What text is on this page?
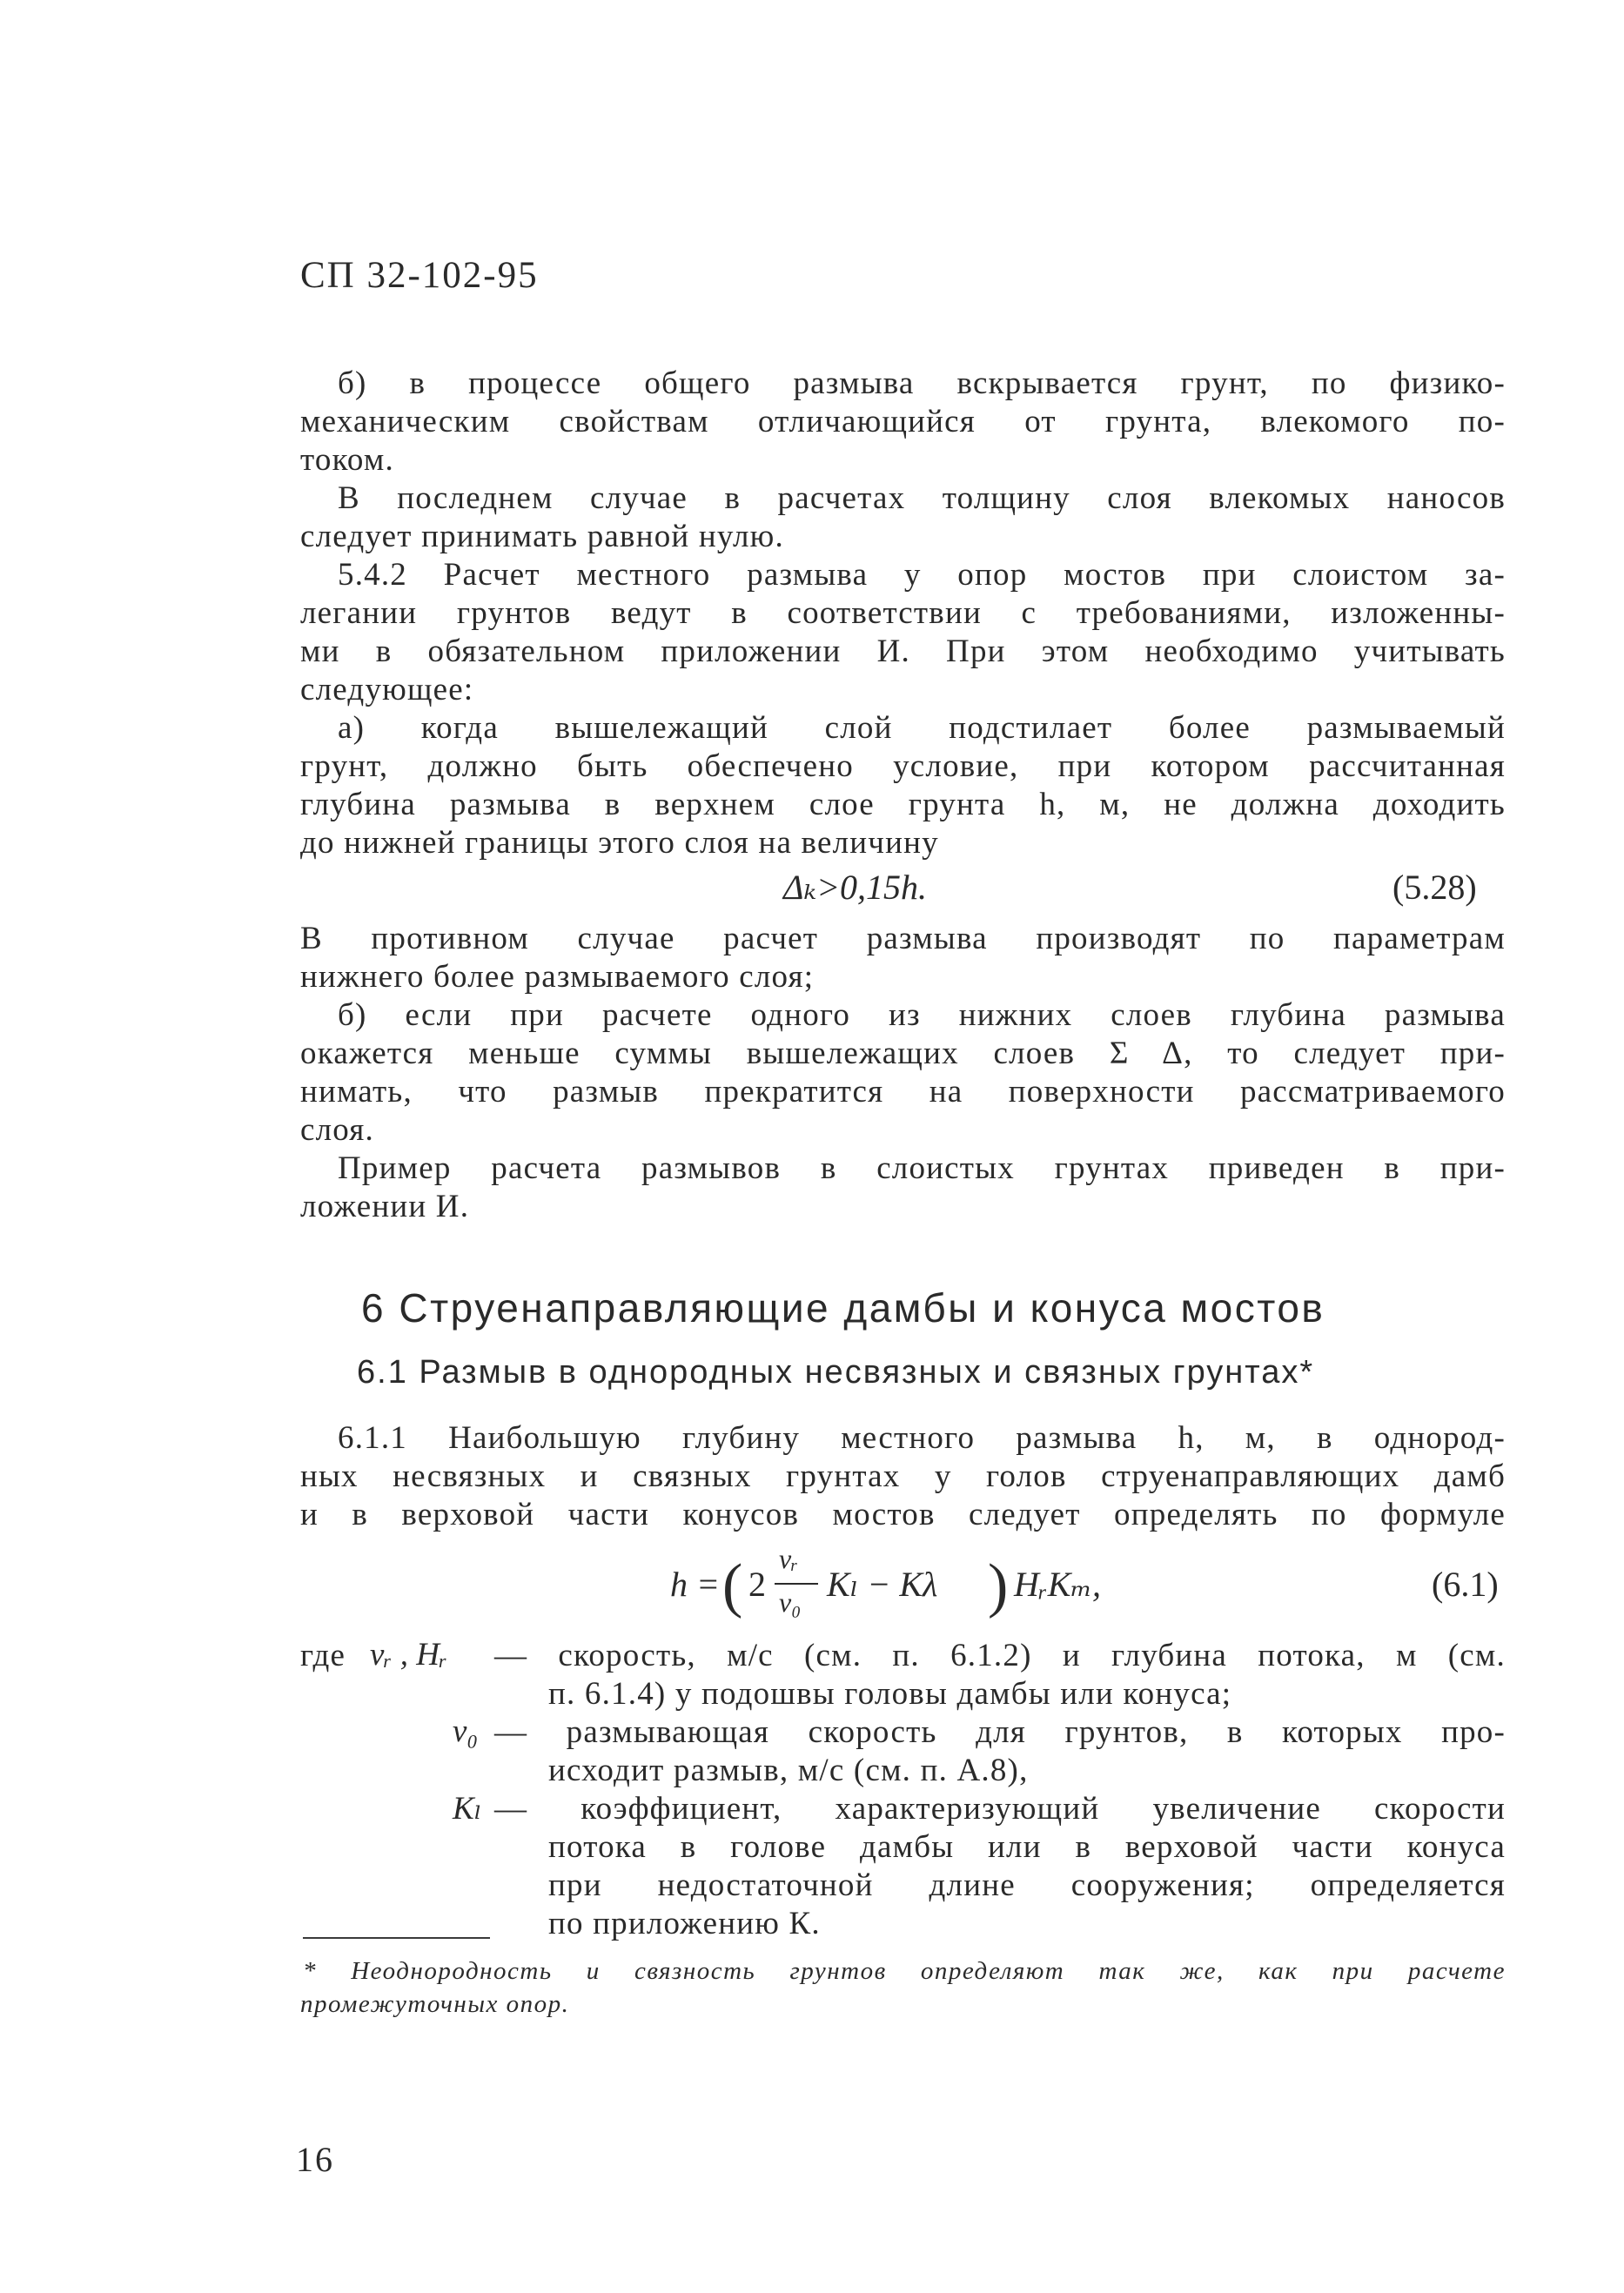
СП 32-102-95
б) в процессе общего размыва вскрывается грунт, по физико-
механическим свойствам отличающийся от грунта, влекомого по-
током.
В последнем случае в расчетах толщину слоя влекомых наносов
следует принимать равной нулю.
5.4.2 Расчет местного размыва у опор мостов при слоистом за-
легании грунтов ведут в соответствии с требованиями, изложенны-
ми в обязательном приложении И. При этом необходимо учитывать
следующее:
а) когда вышележащий слой подстилает более размываемый
грунт, должно быть обеспечено условие, при котором рассчитанная
глубина размыва в верхнем слое грунта h, м, не должна доходить
до нижней границы этого слоя на величину
Δₖ>0,15h.	(5.28)
В противном случае расчет размыва производят по параметрам
нижнего более размываемого слоя;
б) если при расчете одного из нижних слоев глубина размыва
окажется меньше суммы вышележащих слоев Σ Δ, то следует при-
нимать, что размыв прекратится на поверхности рассматриваемого
слоя.
Пример расчета размывов в слоистых грунтах приведен в при-
ложении И.
6 Струенаправляющие дамбы и конуса мостов
6.1 Размыв в однородных несвязных и связных грунтах*
6.1.1 Наибольшую глубину местного размыва h, м, в однород-
ных несвязных и связных грунтах у голов струенаправляющих дамб
и в верховой части конусов мостов следует определять по формуле
h = ( 2
vᵣ
v₀ Kₗ − Kλ ) HᵣKₘ,	(6.1)
где vᵣ , Hᵣ — скорость, м/с (см. п. 6.1.2) и глубина потока, м (см.
п. 6.1.4) у подошвы головы дамбы или конуса;
v₀ — размывающая скорость для грунтов, в которых про-
исходит размыв, м/с (см. п. А.8),
Kₗ — коэффициент, характеризующий увеличение скорости
потока в голове дамбы или в верховой части конуса
при недостаточной длине сооружения; определяется
по приложению К.
* Неоднородность и связность грунтов определяют так же, как при расчете
промежуточных опор.
16
